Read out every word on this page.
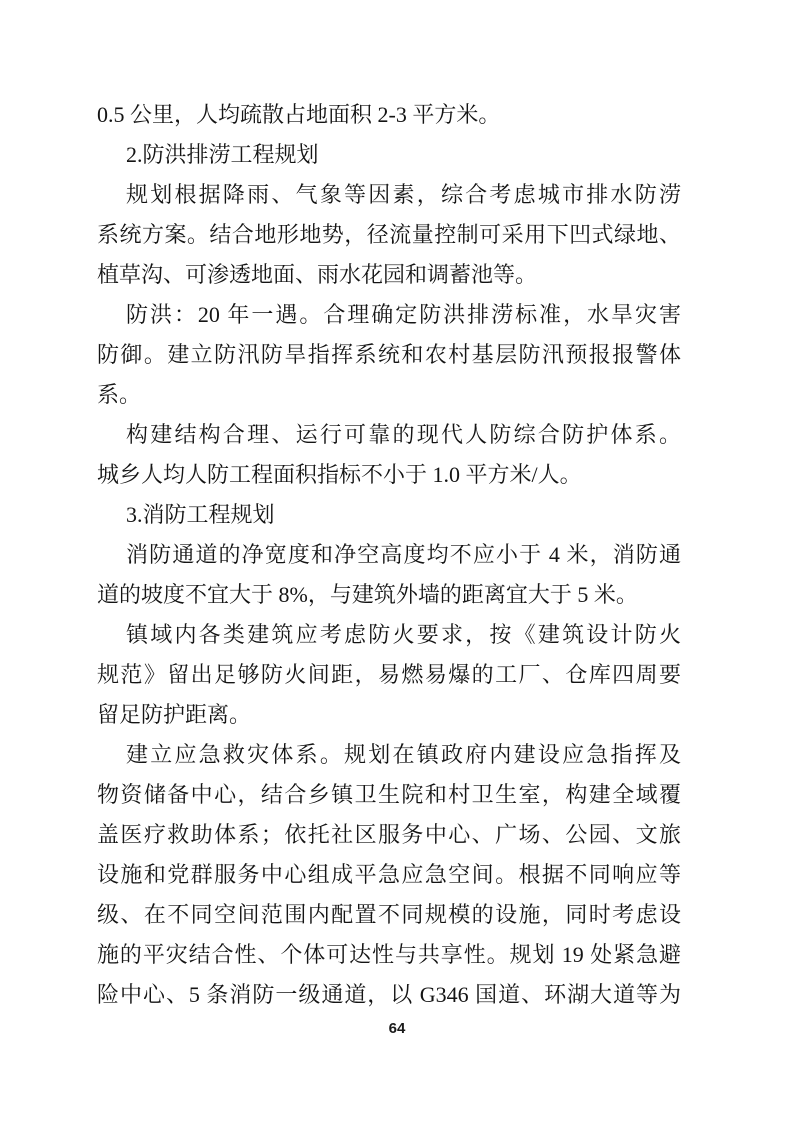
0.5 公里，人均疏散占地面积 2-3 平方米。
2.防洪排涝工程规划
规划根据降雨、气象等因素，综合考虑城市排水防涝
系统方案。结合地形地势，径流量控制可采用下凹式绿地、
植草沟、可渗透地面、雨水花园和调蓄池等。
防洪：20 年一遇。合理确定防洪排涝标准，水旱灾害
防御。建立防汛防旱指挥系统和农村基层防汛预报报警体
系。
构建结构合理、运行可靠的现代人防综合防护体系。
城乡人均人防工程面积指标不小于 1.0 平方米/人。
3.消防工程规划
消防通道的净宽度和净空高度均不应小于 4 米，消防通
道的坡度不宜大于 8%，与建筑外墙的距离宜大于 5 米。
镇域内各类建筑应考虑防火要求，按《建筑设计防火
规范》留出足够防火间距，易燃易爆的工厂、仓库四周要
留足防护距离。
建立应急救灾体系。规划在镇政府内建设应急指挥及
物资储备中心，结合乡镇卫生院和村卫生室，构建全域覆
盖医疗救助体系；依托社区服务中心、广场、公园、文旅
设施和党群服务中心组成平急应急空间。根据不同响应等
级、在不同空间范围内配置不同规模的设施，同时考虑设
施的平灾结合性、个体可达性与共享性。规划 19 处紧急避
险中心、5 条消防一级通道，以 G346 国道、环湖大道等为
64
